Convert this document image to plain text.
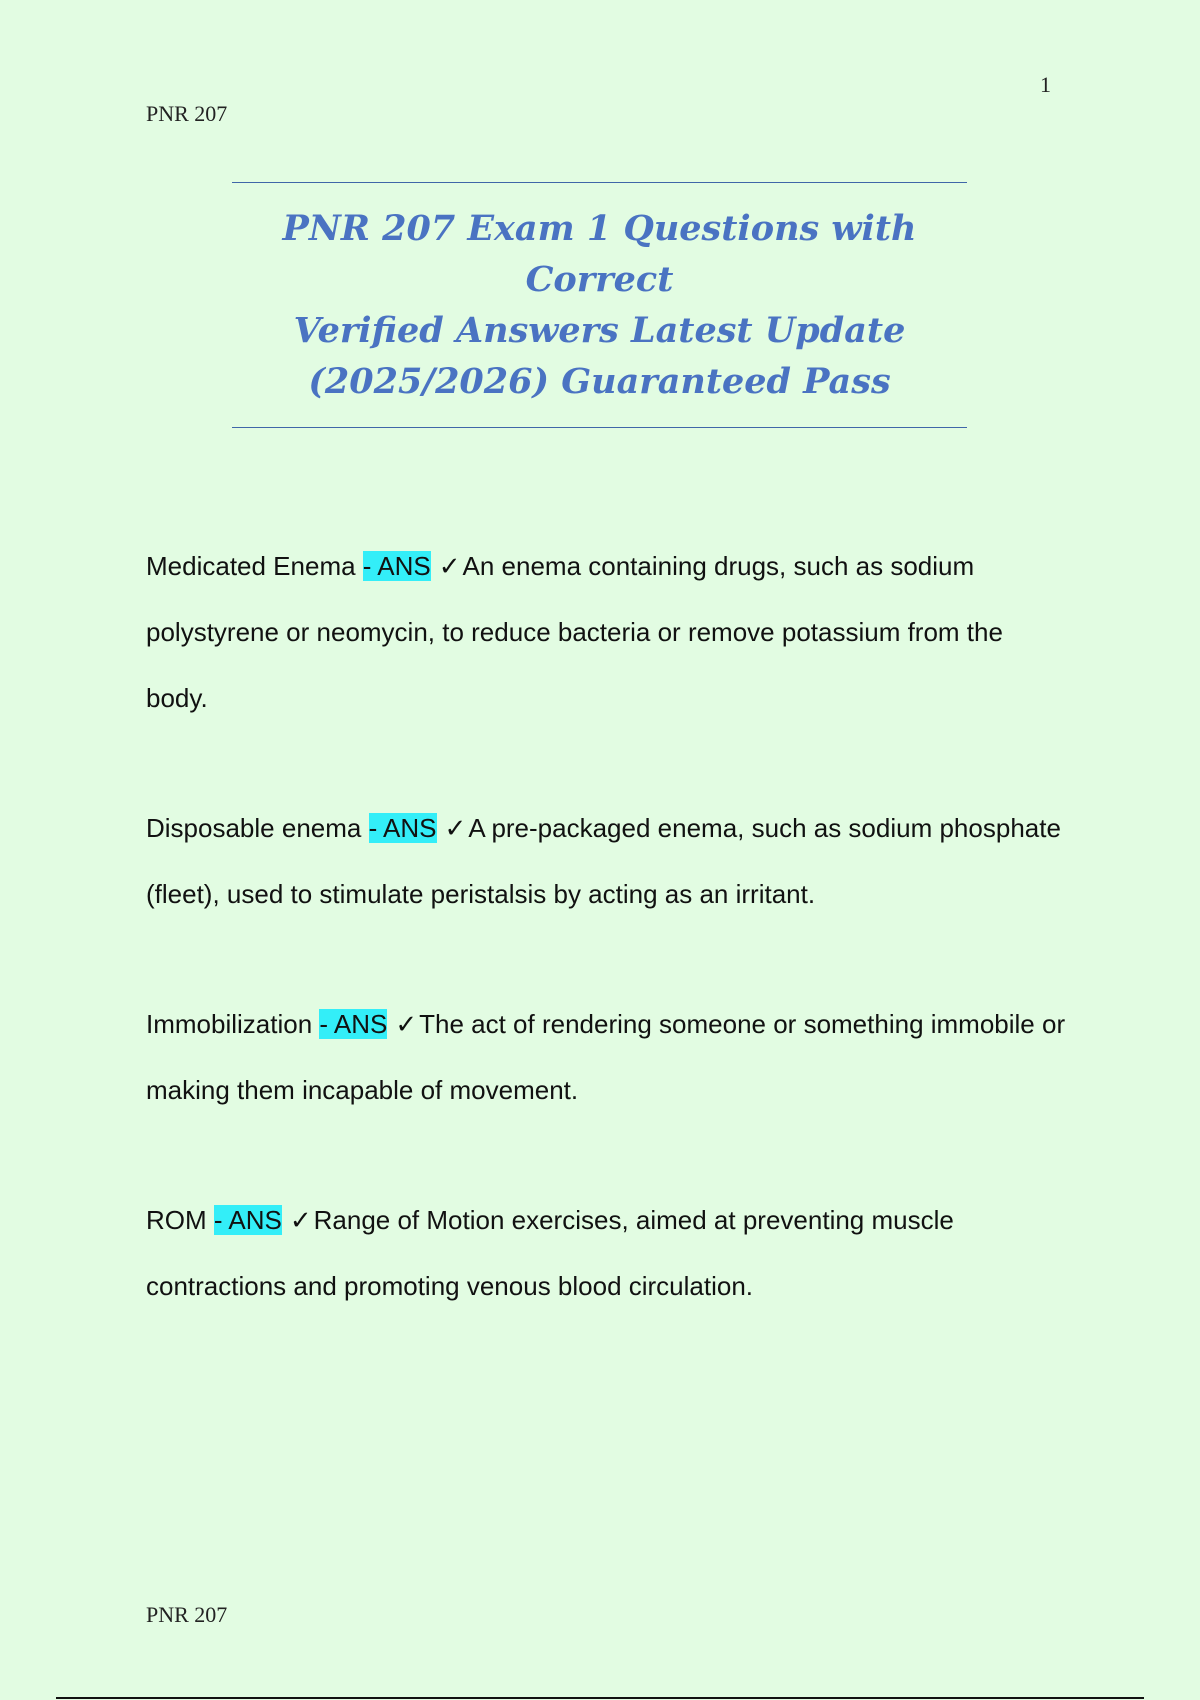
1
PNR 207

PNR 207 Exam 1 Questions with Correct

Verified Answers Latest Update

(2025/2026) Guaranteed Pass

Medicated Enema - ANS ✓An enema containing drugs, such as sodium polystyrene or neomycin, to reduce bacteria or remove potassium from the body.

Disposable enema - ANS ✓A pre-packaged enema, such as sodium phosphate (fleet), used to stimulate peristalsis by acting as an irritant.

Immobilization - ANS ✓The act of rendering someone or something immobile or making them incapable of movement.

ROM - ANS ✓Range of Motion exercises, aimed at preventing muscle contractions and promoting venous blood circulation.

PNR 207
